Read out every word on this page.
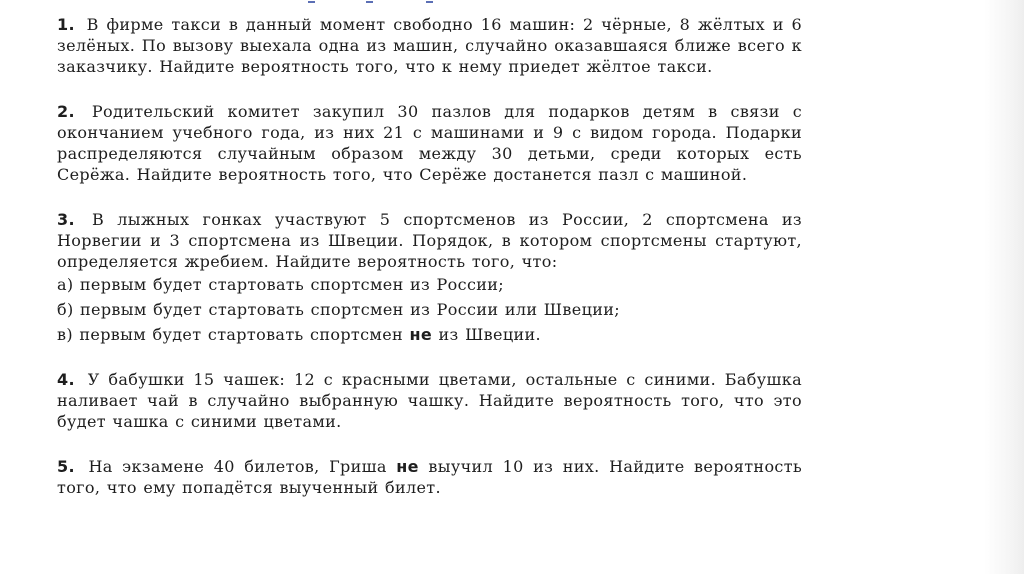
1. В фирме такси в данный момент свободно 16 машин: 2 чёрные, 8 жёлтых и 6 зелёных. По вызову выехала одна из машин, случайно оказавшаяся ближе всего к заказчику. Найдите вероятность того, что к нему приедет жёлтое такси.

2. Родительский комитет закупил 30 пазлов для подарков детям в связи с окончанием учебного года, из них 21 с машинами и 9 с видом города. Подарки распределяются случайным образом между 30 детьми, среди которых есть Серёжа. Найдите вероятность того, что Серёже достанется пазл с машиной.

3. В лыжных гонках участвуют 5 спортсменов из России, 2 спортсмена из Норвегии и 3 спортсмена из Швеции. Порядок, в котором спортсмены стартуют, определяется жребием. Найдите вероятность того, что:

а) первым будет стартовать спортсмен из России;
б) первым будет стартовать спортсмен из России или Швеции;
в) первым будет стартовать спортсмен не из Швеции.

4. У бабушки 15 чашек: 12 с красными цветами, остальные с синими. Бабушка наливает чай в случайно выбранную чашку. Найдите вероятность того, что это будет чашка с синими цветами.

5. На экзамене 40 билетов, Гриша не выучил 10 из них. Найдите вероятность того, что ему попадётся выученный билет.
